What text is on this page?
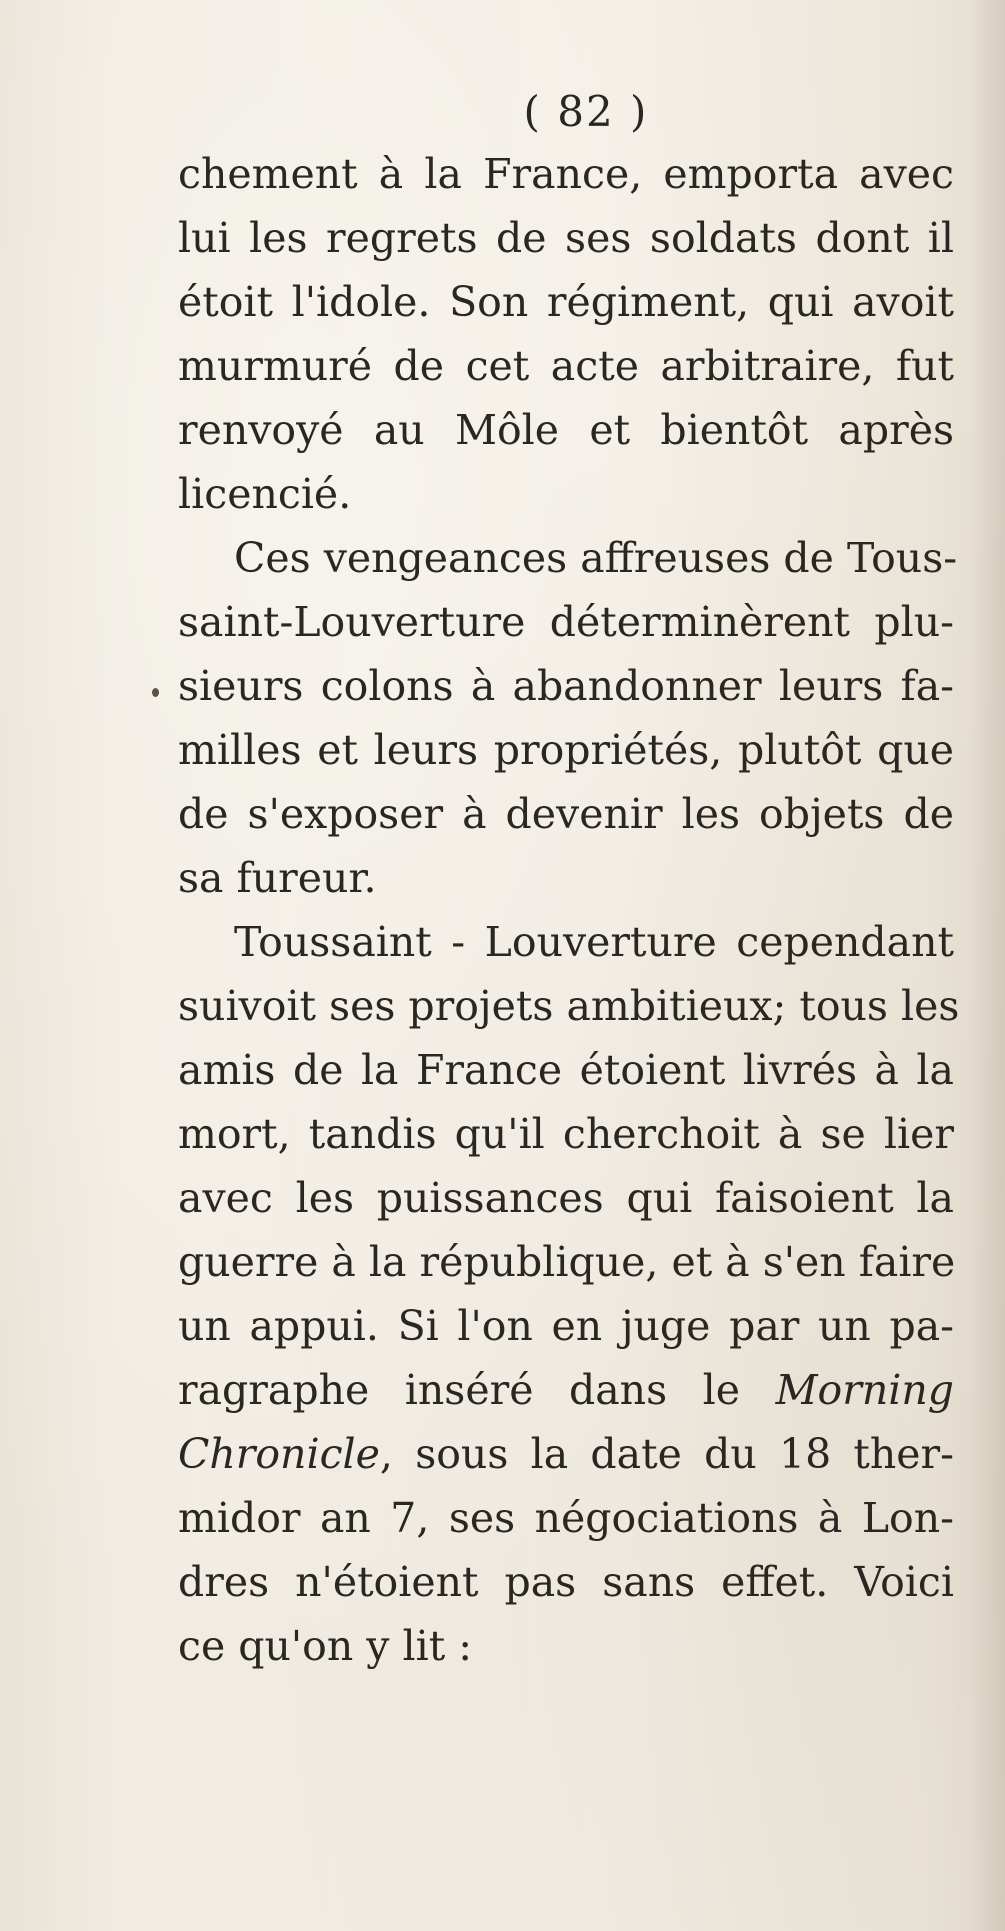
( 82 )
chement à la France, emporta avec
lui les regrets de ses soldats dont il
étoit l'idole. Son régiment, qui avoit
murmuré de cet acte arbitraire, fut
renvoyé au Môle et bientôt après
licencié.
Ces vengeances affreuses de Tous-
saint-Louverture déterminèrent plu-
sieurs colons à abandonner leurs fa-
milles et leurs propriétés, plutôt que
de s'exposer à devenir les objets de
sa fureur.
Toussaint - Louverture cependant
suivoit ses projets ambitieux; tous les
amis de la France étoient livrés à la
mort, tandis qu'il cherchoit à se lier
avec les puissances qui faisoient la
guerre à la république, et à s'en faire
un appui. Si l'on en juge par un pa-
ragraphe inséré dans le Morning
Chronicle, sous la date du 18 ther-
midor an 7, ses négociations à Lon-
dres n'étoient pas sans effet. Voici
ce qu'on y lit :
